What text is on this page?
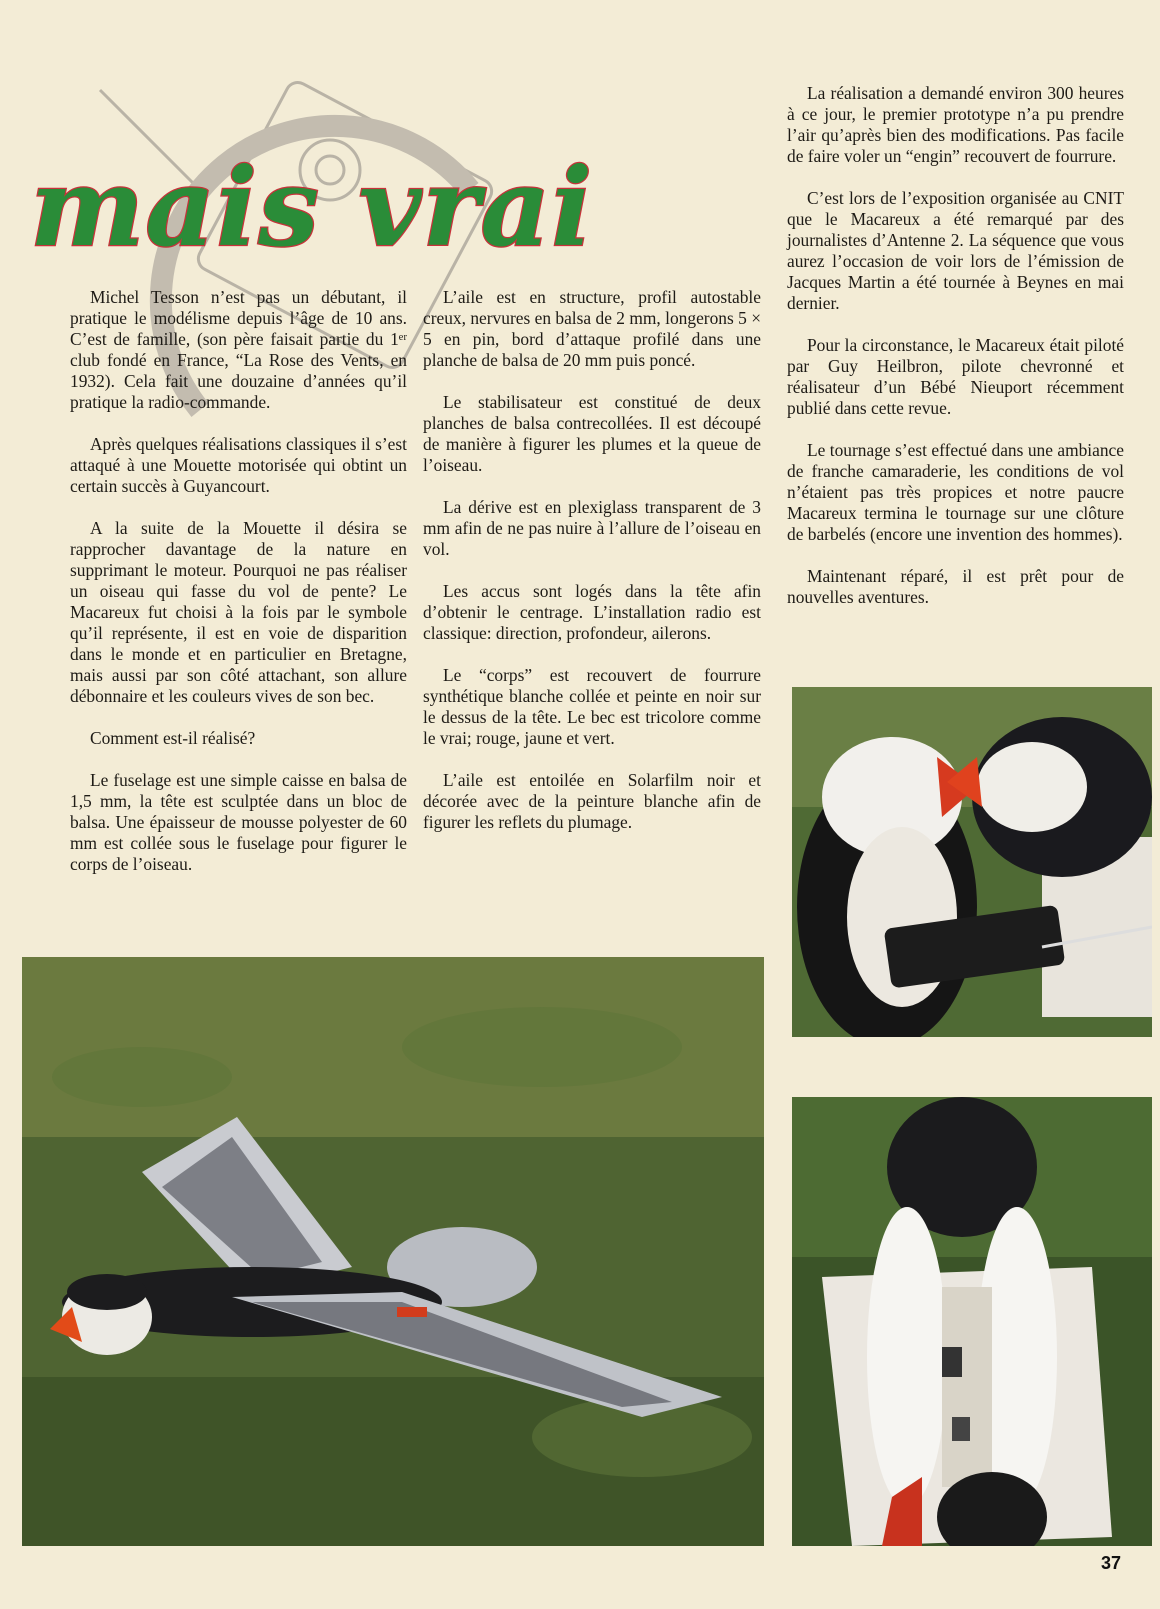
mais vrai

Michel Tesson n’est pas un débutant, il pratique le modélisme depuis l’âge de 10 ans. C’est de famille, (son père faisait partie du 1ᵉʳ club fondé en France, “La Rose des Vents, en 1932). Cela fait une douzaine d’années qu’il pratique la radio-commande.

Après quelques réalisations classiques il s’est attaqué à une Mouette motorisée qui obtint un certain succès à Guyancourt.

A la suite de la Mouette il désira se rapprocher davantage de la nature en supprimant le moteur. Pourquoi ne pas réaliser un oiseau qui fasse du vol de pente? Le Macareux fut choisi à la fois par le symbole qu’il représente, il est en voie de disparition dans le monde et en particulier en Bretagne, mais aussi par son côté attachant, son allure débonnaire et les couleurs vives de son bec.

Comment est-il réalisé?

Le fuselage est une simple caisse en balsa de 1,5 mm, la tête est sculptée dans un bloc de balsa. Une épaisseur de mousse polyester de 60 mm est collée sous le fuselage pour figurer le corps de l’oiseau.

L’aile est en structure, profil autostable creux, nervures en balsa de 2 mm, longerons 5 × 5 en pin, bord d’attaque profilé dans une planche de balsa de 20 mm puis poncé.

Le stabilisateur est constitué de deux planches de balsa contrecollées. Il est découpé de manière à figurer les plumes et la queue de l’oiseau.

La dérive est en plexiglass transparent de 3 mm afin de ne pas nuire à l’allure de l’oiseau en vol.

Les accus sont logés dans la tête afin d’obtenir le centrage. L’installation radio est classique: direction, profondeur, ailerons.

Le “corps” est recouvert de fourrure synthétique blanche collée et peinte en noir sur le dessus de la tête. Le bec est tricolore comme le vrai; rouge, jaune et vert.

L’aile est entoilée en Solarfilm noir et décorée avec de la peinture blanche afin de figurer les reflets du plumage.

La réalisation a demandé environ 300 heures à ce jour, le premier prototype n’a pu prendre l’air qu’après bien des modifications. Pas facile de faire voler un “engin” recouvert de fourrure.

C’est lors de l’exposition organisée au CNIT que le Macareux a été remarqué par des journalistes d’Antenne 2. La séquence que vous aurez l’occasion de voir lors de l’émission de Jacques Martin a été tournée à Beynes en mai dernier.

Pour la circonstance, le Macareux était piloté par Guy Heilbron, pilote chevronné et réalisateur d’un Bébé Nieuport récemment publié dans cette revue.

Le tournage s’est effectué dans une ambiance de franche camaraderie, les conditions de vol n’étaient pas très propices et notre paucre Macareux termina le tournage sur une clôture de barbelés (encore une invention des hommes).

Maintenant réparé, il est prêt pour de nouvelles aventures.

37
